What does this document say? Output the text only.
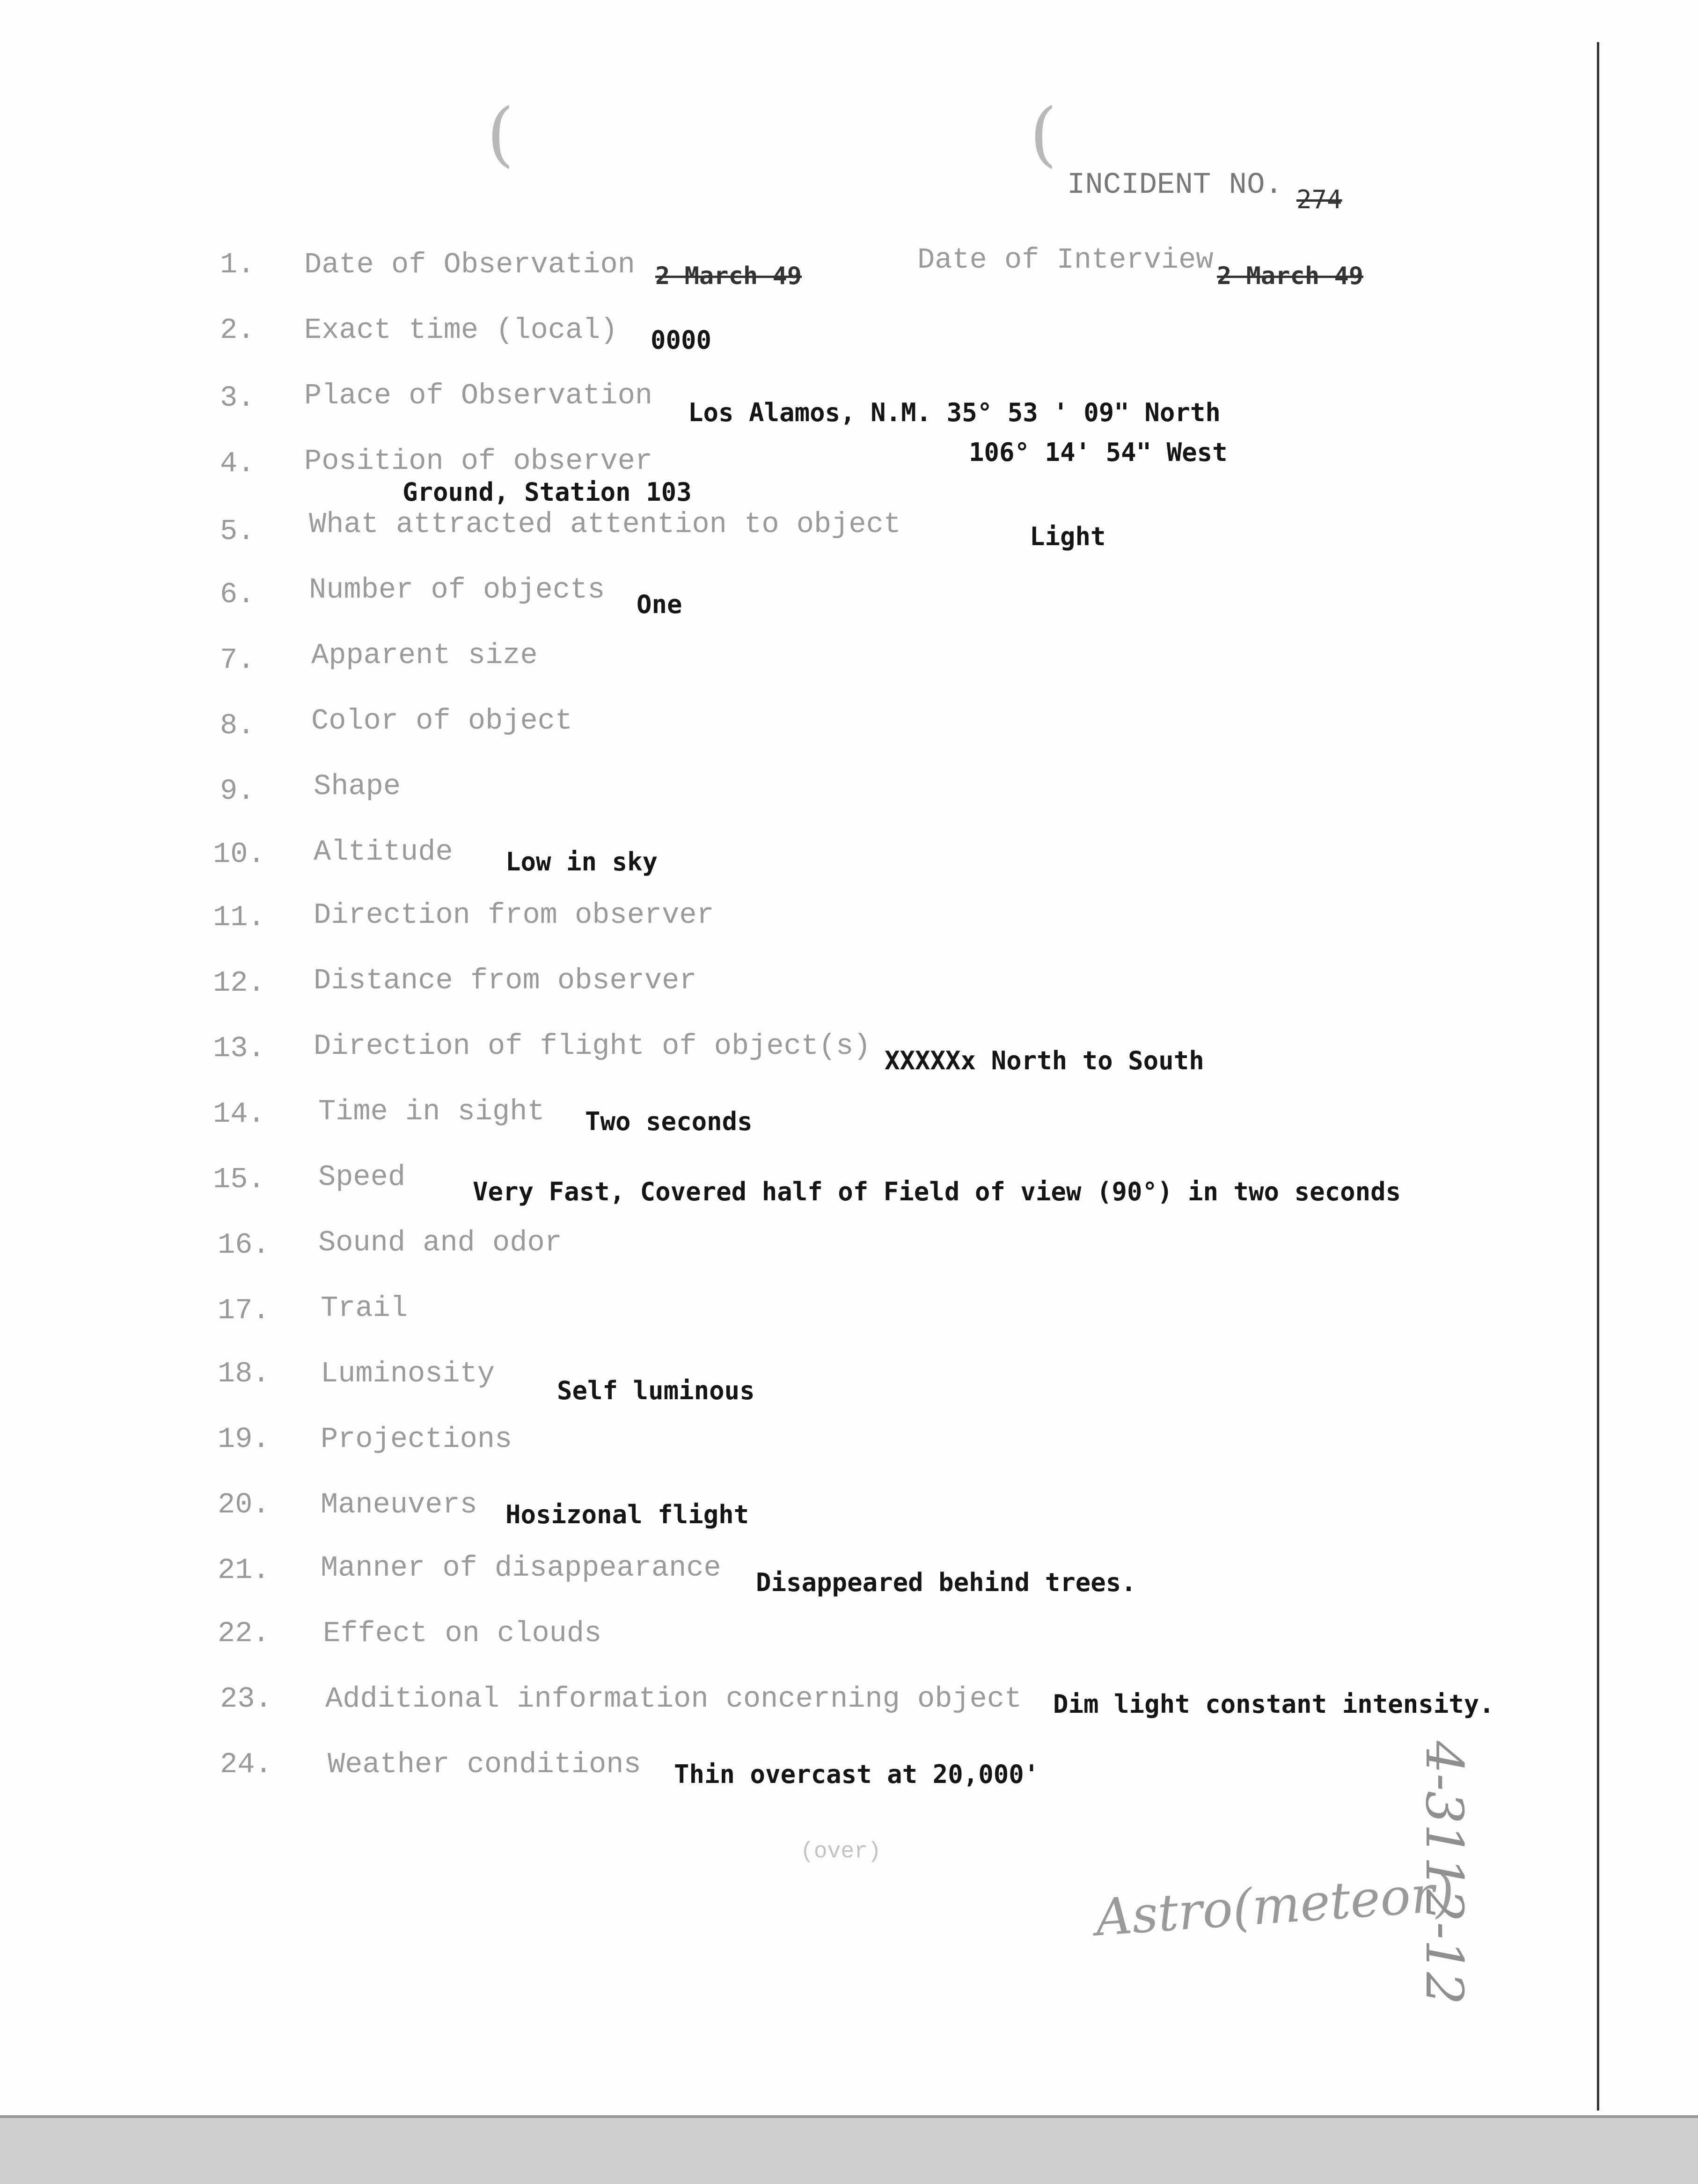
(	(
INCIDENT NO. 274
1. Date of Observation 2 March 49	Date of Interview 2 March 49
2. Exact time (local) 0000
3. Place of Observation
Los Alamos, N.M. 35° 53 ' 09" North
4. Position of observer	106° 14' 54" West
Ground, Station 103
5. What attracted attention to object	Light
6. Number of objects One
7. Apparent size
8. Color of object
9. Shape
10. Altitude Low in sky
11. Direction from observer
12. Distance from observer
13. Direction of flight of object(s) XXXXXx North to South
14. Time in sight Two seconds
15. Speed	Very Fast, Covered half of Field of view (90°) in two seconds
16. Sound and odor
17. Trail
18. Luminosity
Self luminous
19. Projections
20. Maneuvers Hosizonal flight
21. Manner of disappearance Disappeared behind trees.
22. Effect on clouds
23. Additional information concerning object Dim light constant intensity.
24. Weather conditions Thin overcast at 20,000'
(over)
Astro(meteor)
4-3112-12
